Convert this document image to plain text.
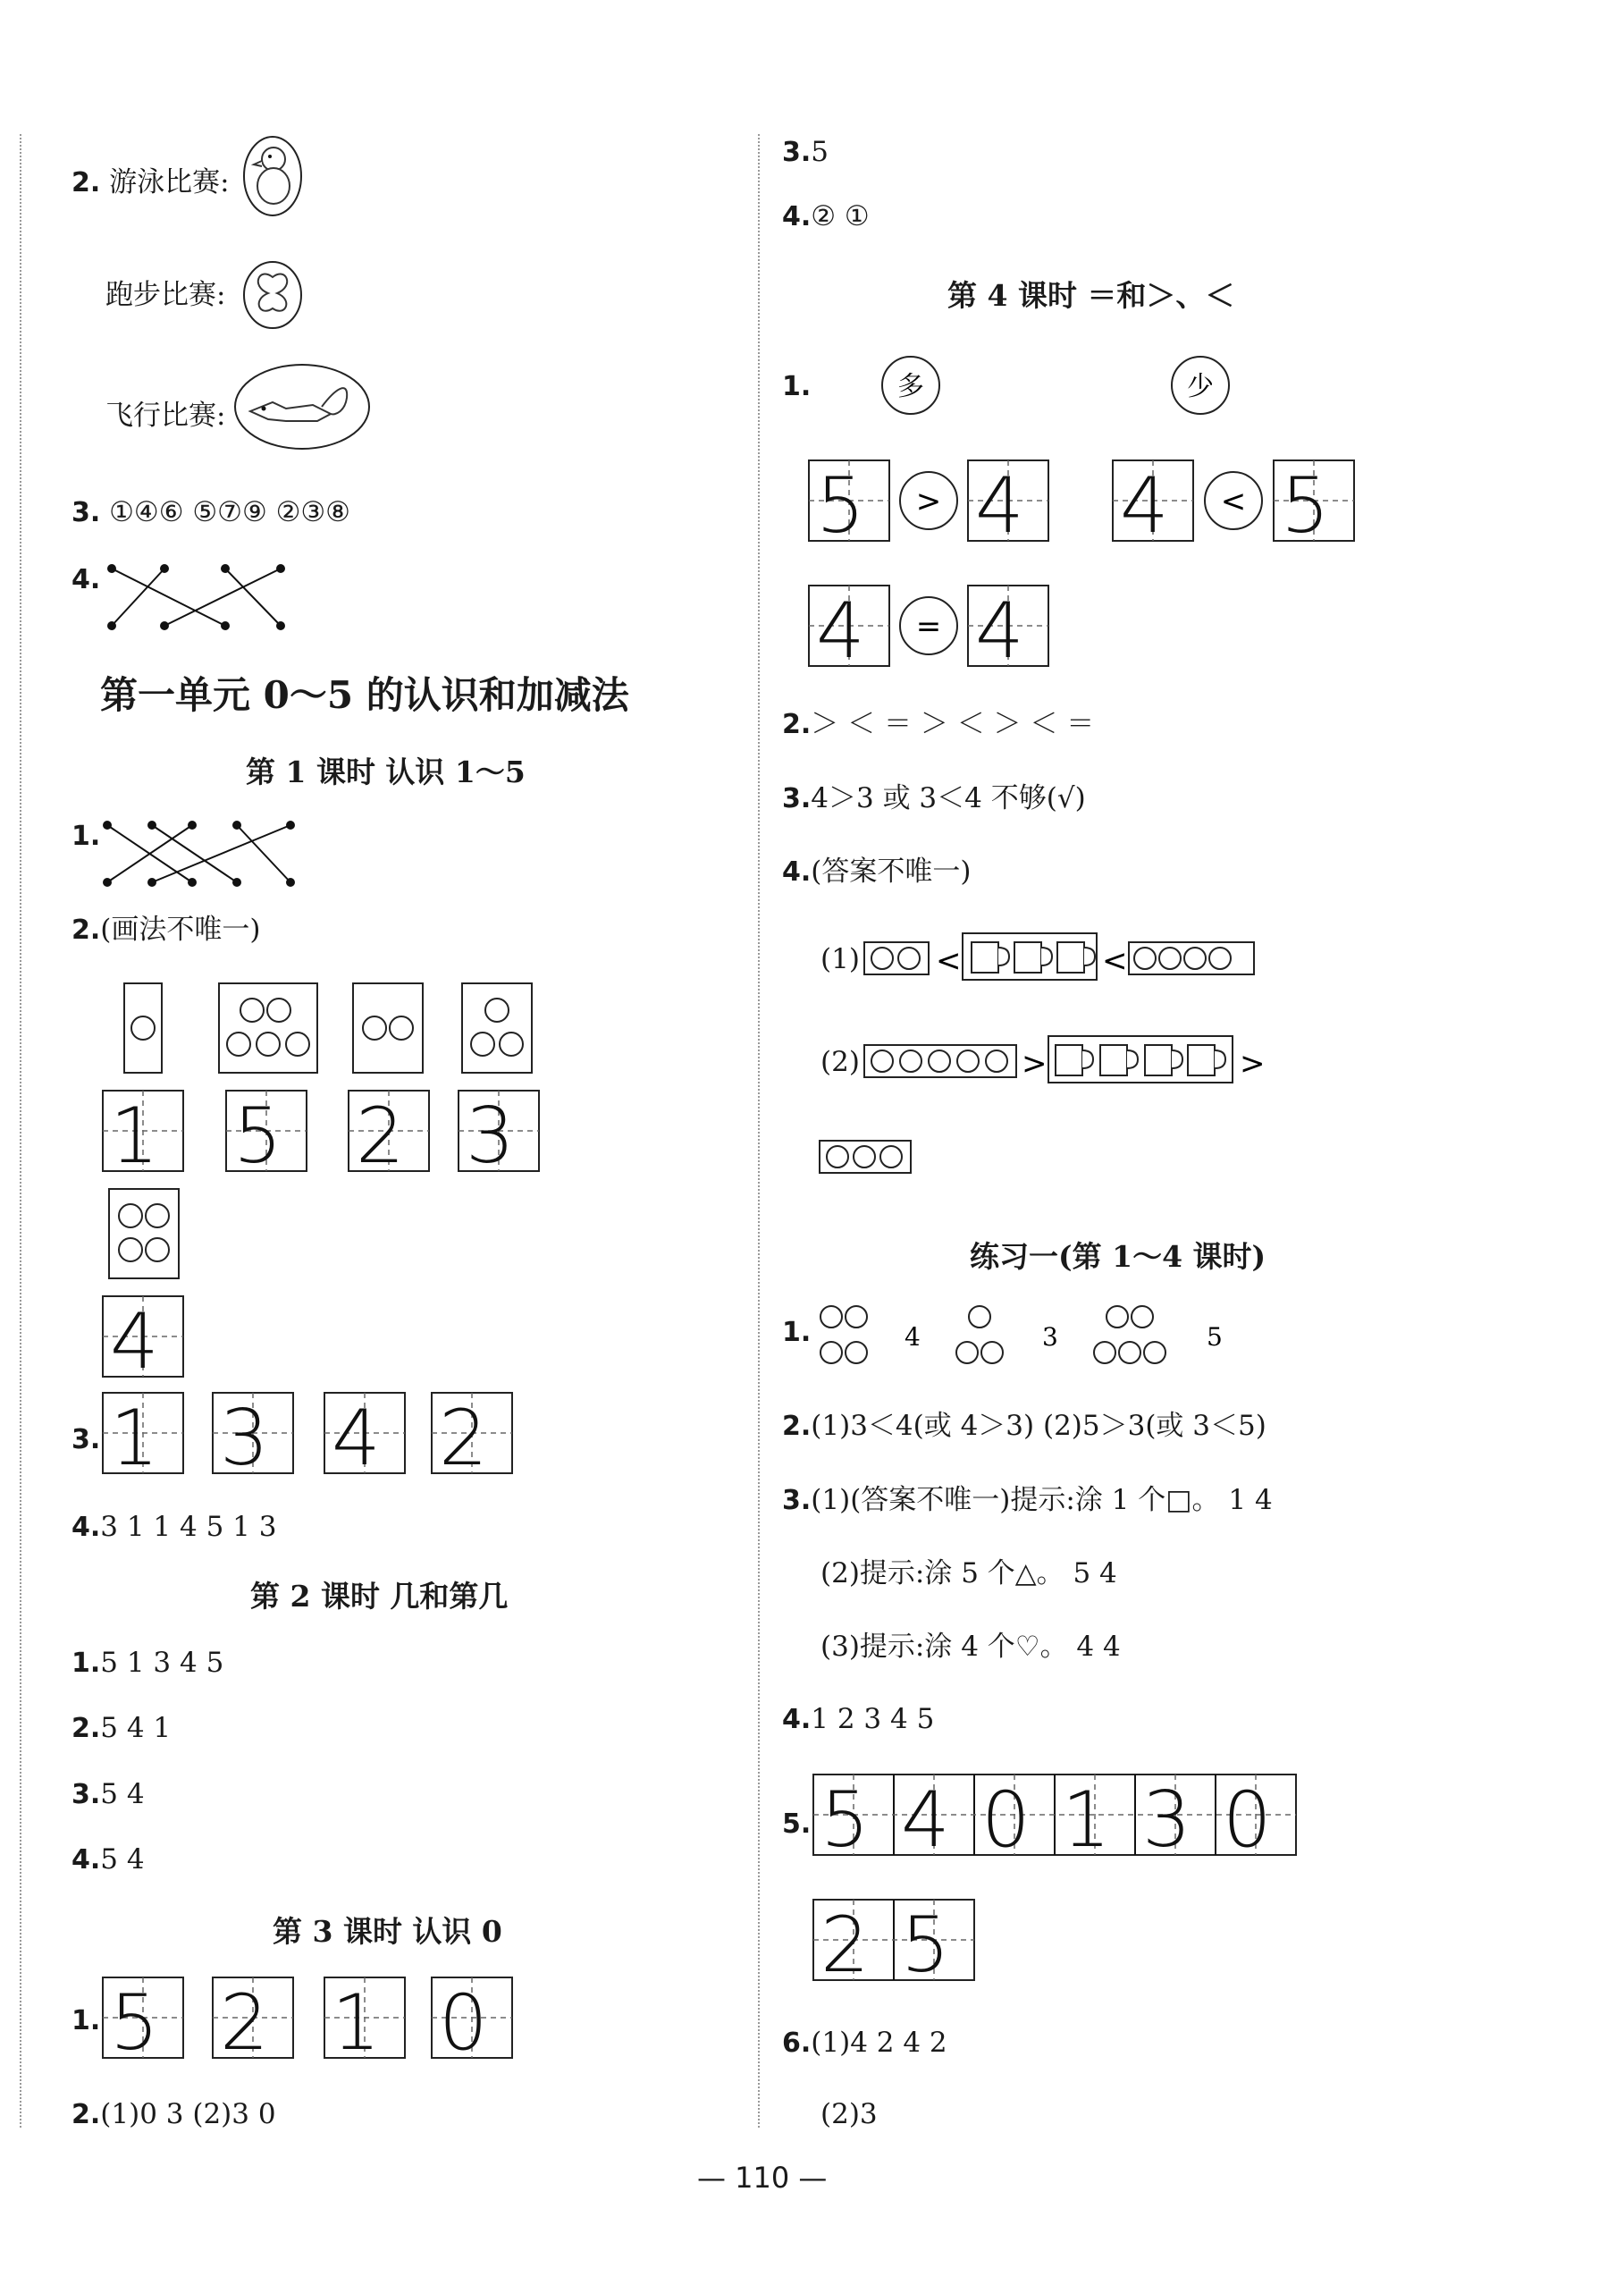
2. 游泳比赛:
跑步比赛:
飞行比赛:
3. ①④⑥ ⑤⑦⑨ ②③⑧
4.
第一单元 0～5 的认识和加减法
第 1 课时 认识 1～5
1.
2.(画法不唯一)
1 5 2 3
4
3. 1 3 4 2
4.3 1 1 4 5 1 3
第 2 课时 几和第几
1.5 1 3 4 5
2.5 4 1
3.5 4
4.5 4
第 3 课时 认识 0
1. 5 2 1 0
2.(1)0 3 (2)3 0
3.5
4.② ①
第 4 课时 ＝和＞、＜
1.	多	少
5 > 4 4 < 5
4 = 4
2.＞ ＜ ＝ ＞ ＜ ＞ ＜ ＝
3.4＞3 或 3＜4 不够(√)
4.(答案不唯一)
(1)	<	<
(2)	>	>
练习一(第 1～4 课时)
1.	4	3	5
2.(1)3＜4(或 4＞3) (2)5＞3(或 3＜5)
3.(1)(答案不唯一)提示:涂 1 个□。 1 4
(2)提示:涂 5 个△。 5 4
(3)提示:涂 4 个♡。 4 4
4.1 2 3 4 5
5. 5 4 0 1 3 0
2 5
6.(1)4 2 4 2
(2)3
— 110 —
